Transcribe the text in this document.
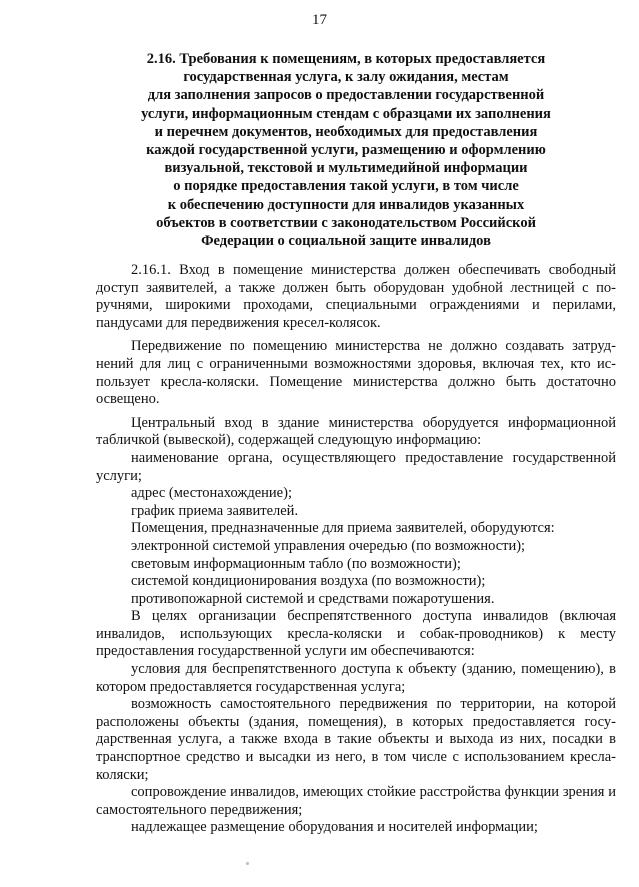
17
2.16. Требования к помещениям, в которых предоставляется
государственная услуга, к залу ожидания, местам
для заполнения запросов о предоставлении государственной
услуги, информационным стендам с образцами их заполнения
и перечнем документов, необходимых для предоставления
каждой государственной услуги, размещению и оформлению
визуальной, текстовой и мультимедийной информации
о порядке предоставления такой услуги, в том числе
к обеспечению доступности для инвалидов указанных
объектов в соответствии с законодательством Российской
Федерации о социальной защите инвалидов

2.16.1. Вход в помещение министерства должен обеспечивать свободный доступ заявителей, а также должен быть оборудован удобной лестницей с поручнями, широкими проходами, специальными ограждениями и перилами, пандусами для передвижения кресел-колясок.

Передвижение по помещению министерства не должно создавать затруднений для лиц с ограниченными возможностями здоровья, включая тех, кто использует кресла-коляски. Помещение министерства должно быть достаточно освещено.

Центральный вход в здание министерства оборудуется информационной табличкой (вывеской), содержащей следующую информацию:

наименование органа, осуществляющего предоставление государственной услуги;

адрес (местонахождение);

график приема заявителей.

Помещения, предназначенные для приема заявителей, оборудуются:

электронной системой управления очередью (по возможности);

световым информационным табло (по возможности);

системой кондиционирования воздуха (по возможности);

противопожарной системой и средствами пожаротушения.

В целях организации беспрепятственного доступа инвалидов (включая инвалидов, использующих кресла-коляски и собак-проводников) к месту предоставления государственной услуги им обеспечиваются:

условия для беспрепятственного доступа к объекту (зданию, помещению), в котором предоставляется государственная услуга;

возможность самостоятельного передвижения по территории, на которой расположены объекты (здания, помещения), в которых предоставляется государственная услуга, а также входа в такие объекты и выхода из них, посадки в транспортное средство и высадки из него, в том числе с использованием кресла-коляски;

сопровождение инвалидов, имеющих стойкие расстройства функции зрения и самостоятельного передвижения;

надлежащее размещение оборудования и носителей информации;
